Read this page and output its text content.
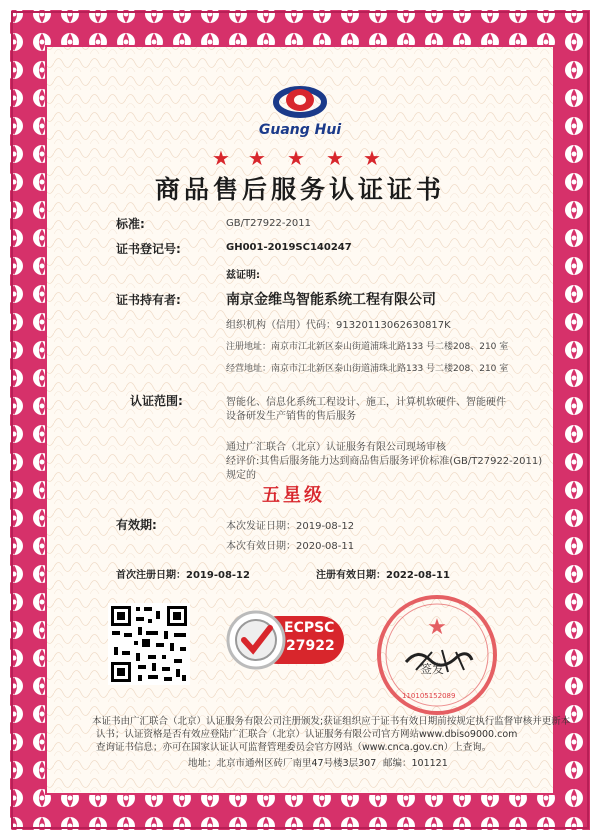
Guang Hui
★ ★ ★ ★ ★
商品售后服务认证证书
标准:	GB/T27922-2011
证书登记号:	GH001-2019SC140247
兹证明:
证书持有者:	南京金维鸟智能系统工程有限公司
组织机构（信用）代码：91320113062630817K
注册地址：南京市江北新区泰山街道浦珠北路133 号二楼208、210 室
经营地址：南京市江北新区泰山街道浦珠北路133 号二楼208、210 室
认证范围:	智能化、信息化系统工程设计、施工，计算机软硬件、智能硬件
设备研发生产销售的售后服务
通过广汇联合（北京）认证服务有限公司现场审核
经评价:其售后服务能力达到商品售后服务评价标准(GB/T27922-2011)
规定的
五星级
有效期:	本次发证日期：2019-08-12
本次有效日期：2020-08-11
首次注册日期：2019-08-12	注册有效日期：2022-08-11
ECPSC
27922
★
签发
110105152089
本证书由广汇联合（北京）认证服务有限公司注册颁发;获证组织应于证书有效日期前按规定执行监督审核并更新本
认书；认证资格是否有效应登陆广汇联合（北京）认证服务有限公司官方网站www.dbiso9000.com
查询证书信息；亦可在国家认证认可监督管理委员会官方网站（www.cnca.gov.cn）上查询。
地址：北京市通州区砖厂南里47号楼3层307 邮编：101121
